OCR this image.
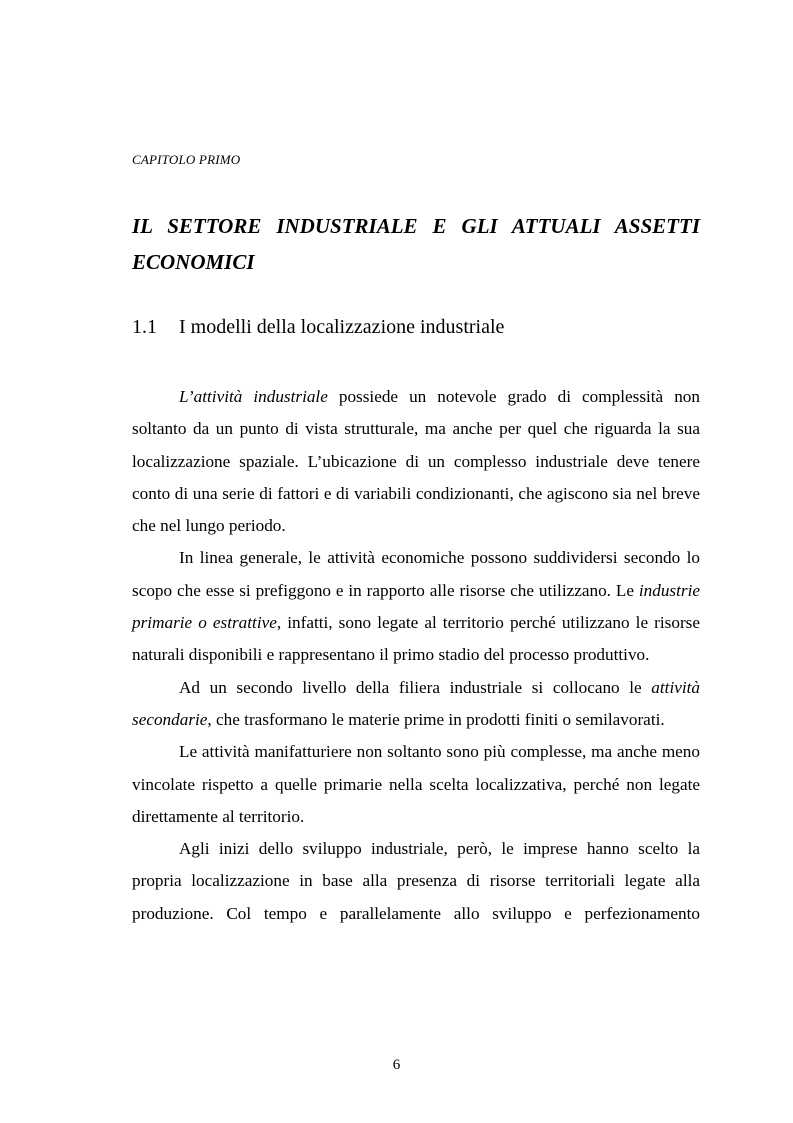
CAPITOLO PRIMO
IL SETTORE INDUSTRIALE E GLI ATTUALI ASSETTI ECONOMICI
1.1 I modelli della localizzazione industriale

L’attività industriale possiede un notevole grado di complessità non soltanto da un punto di vista strutturale, ma anche per quel che riguarda la sua localizzazione spaziale. L’ubicazione di un complesso industriale deve tenere conto di una serie di fattori e di variabili condizionanti, che agiscono sia nel breve che nel lungo periodo.

In linea generale, le attività economiche possono suddividersi secondo lo scopo che esse si prefiggono e in rapporto alle risorse che utilizzano. Le industrie primarie o estrattive, infatti, sono legate al territorio perché utilizzano le risorse naturali disponibili e rappresentano il primo stadio del processo produttivo.

Ad un secondo livello della filiera industriale si collocano le attività secondarie, che trasformano le materie prime in prodotti finiti o semilavorati.

Le attività manifatturiere non soltanto sono più complesse, ma anche meno vincolate rispetto a quelle primarie nella scelta localizzativa, perché non legate direttamente al territorio.

Agli inizi dello sviluppo industriale, però, le imprese hanno scelto la propria localizzazione in base alla presenza di risorse territoriali legate alla produzione. Col tempo e parallelamente allo sviluppo e perfezionamento

6
